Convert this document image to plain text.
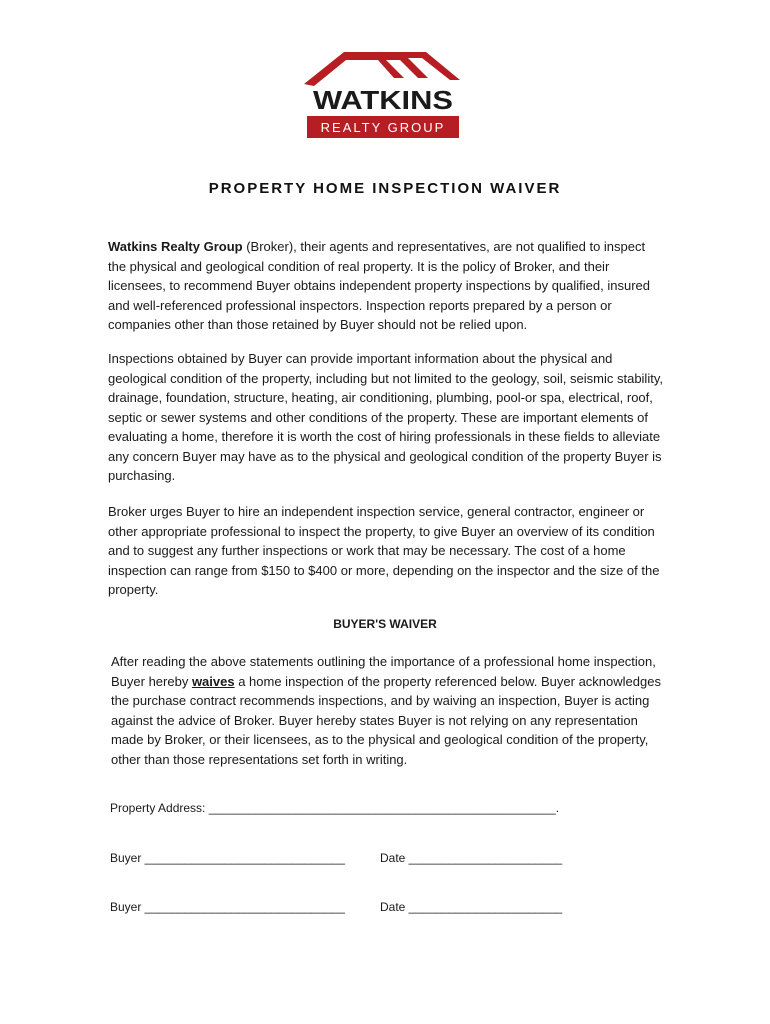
WATKINS
REALTY GROUP
PROPERTY HOME INSPECTION WAIVER

Watkins Realty Group (Broker), their agents and representatives, are not qualified to inspect the physical and geological condition of real property. It is the policy of Broker, and their licensees, to recommend Buyer obtains independent property inspections by qualified, insured and well-referenced professional inspectors. Inspection reports prepared by a person or companies other than those retained by Buyer should not be relied upon.

Inspections obtained by Buyer can provide important information about the physical and geological condition of the property, including but not limited to the geology, soil, seismic stability, drainage, foundation, structure, heating, air conditioning, plumbing, pool-or spa, electrical, roof, septic or sewer systems and other conditions of the property. These are important elements of evaluating a home, therefore it is worth the cost of hiring professionals in these fields to alleviate any concern Buyer may have as to the physical and geological condition of the property Buyer is purchasing.

Broker urges Buyer to hire an independent inspection service, general contractor, engineer or other appropriate professional to inspect the property, to give Buyer an overview of its condition and to suggest any further inspections or work that may be necessary. The cost of a home inspection can range from $150 to $400 or more, depending on the inspector and the size of the property.

BUYER'S WAIVER

After reading the above statements outlining the importance of a professional home inspection, Buyer hereby waives a home inspection of the property referenced below. Buyer acknowledges the purchase contract recommends inspections, and by waiving an inspection, Buyer is acting against the advice of Broker. Buyer hereby states Buyer is not relying on any representation made by Broker, or their licensees, as to the physical and geological condition of the property, other than those representations set forth in writing.

Property Address: ____________________________________________________.

Buyer ______________________________	Date _______________________

Buyer ______________________________	Date _______________________
